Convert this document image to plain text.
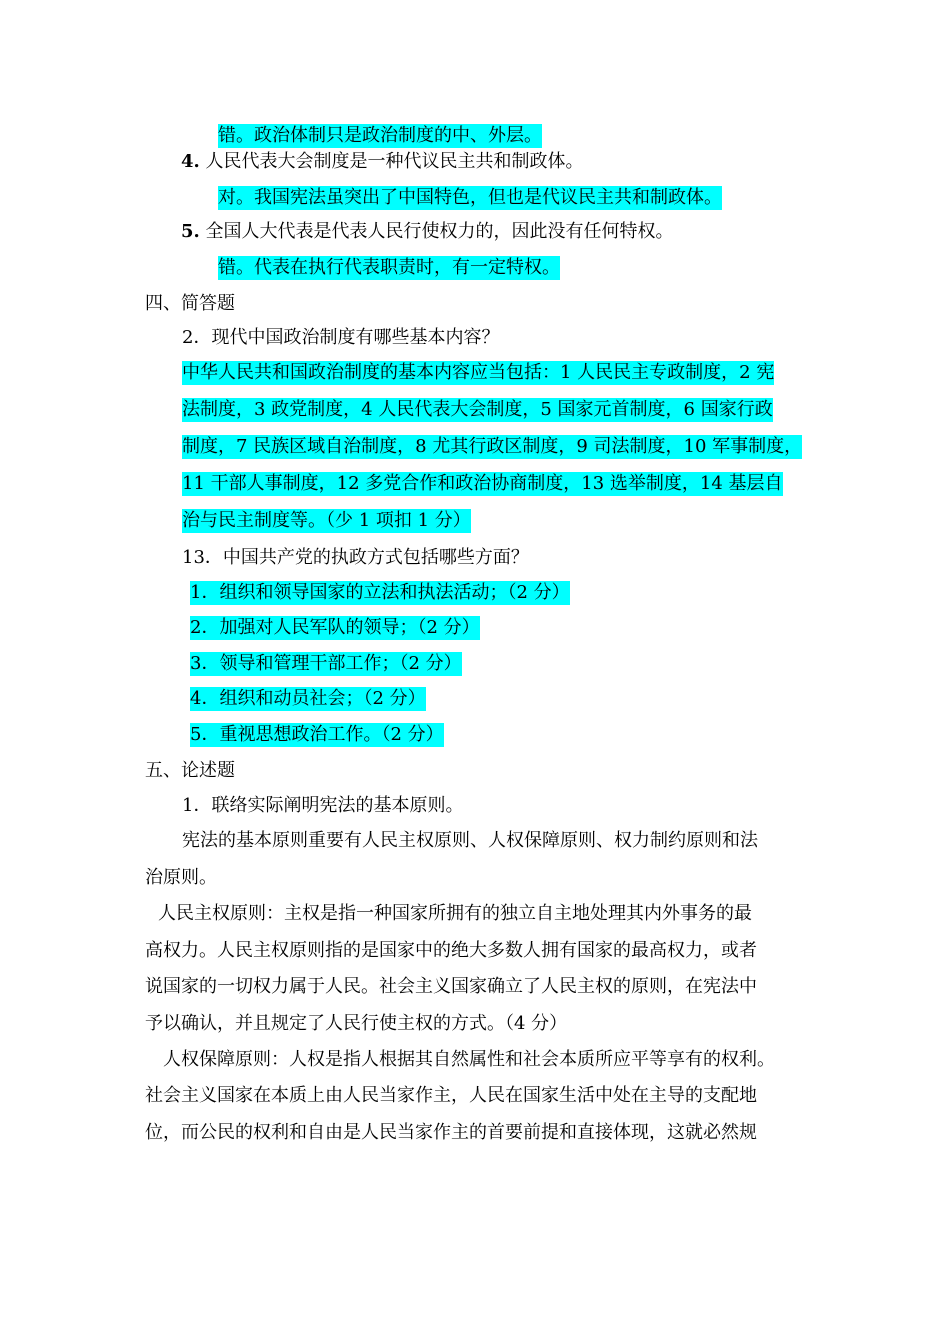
错。政治体制只是政治制度的中、外层。
4. 人民代表大会制度是一种代议民主共和制政体。
对。我国宪法虽突出了中国特色，但也是代议民主共和制政体。
5. 全国人大代表是代表人民行使权力的，因此没有任何特权。
错。代表在执行代表职责时，有一定特权。
四、简答题
2．现代中国政治制度有哪些基本内容？
中华人民共和国政治制度的基本内容应当包括：1 人民民主专政制度，2 宪
法制度，3 政党制度，4 人民代表大会制度，5 国家元首制度，6 国家行政
制度，7 民族区域自治制度，8 尤其行政区制度，9 司法制度，10 军事制度，
11 干部人事制度，12 多党合作和政治协商制度，13 选举制度，14 基层自
治与民主制度等。（少 1 项扣 1 分）
13．中国共产党的执政方式包括哪些方面？
1．组织和领导国家的立法和执法活动；（2 分）
2．加强对人民军队的领导；（2 分）
3．领导和管理干部工作；（2 分）
4．组织和动员社会；（2 分）
5．重视思想政治工作。（2 分）
五、论述题
1．联络实际阐明宪法的基本原则。
宪法的基本原则重要有人民主权原则、人权保障原则、权力制约原则和法
治原则。
人民主权原则：主权是指一种国家所拥有的独立自主地处理其内外事务的最
高权力。人民主权原则指的是国家中的绝大多数人拥有国家的最高权力，或者
说国家的一切权力属于人民。社会主义国家确立了人民主权的原则，在宪法中
予以确认，并且规定了人民行使主权的方式。（4 分）
人权保障原则：人权是指人根据其自然属性和社会本质所应平等享有的权利。
社会主义国家在本质上由人民当家作主，人民在国家生活中处在主导的支配地
位，而公民的权利和自由是人民当家作主的首要前提和直接体现，这就必然规
